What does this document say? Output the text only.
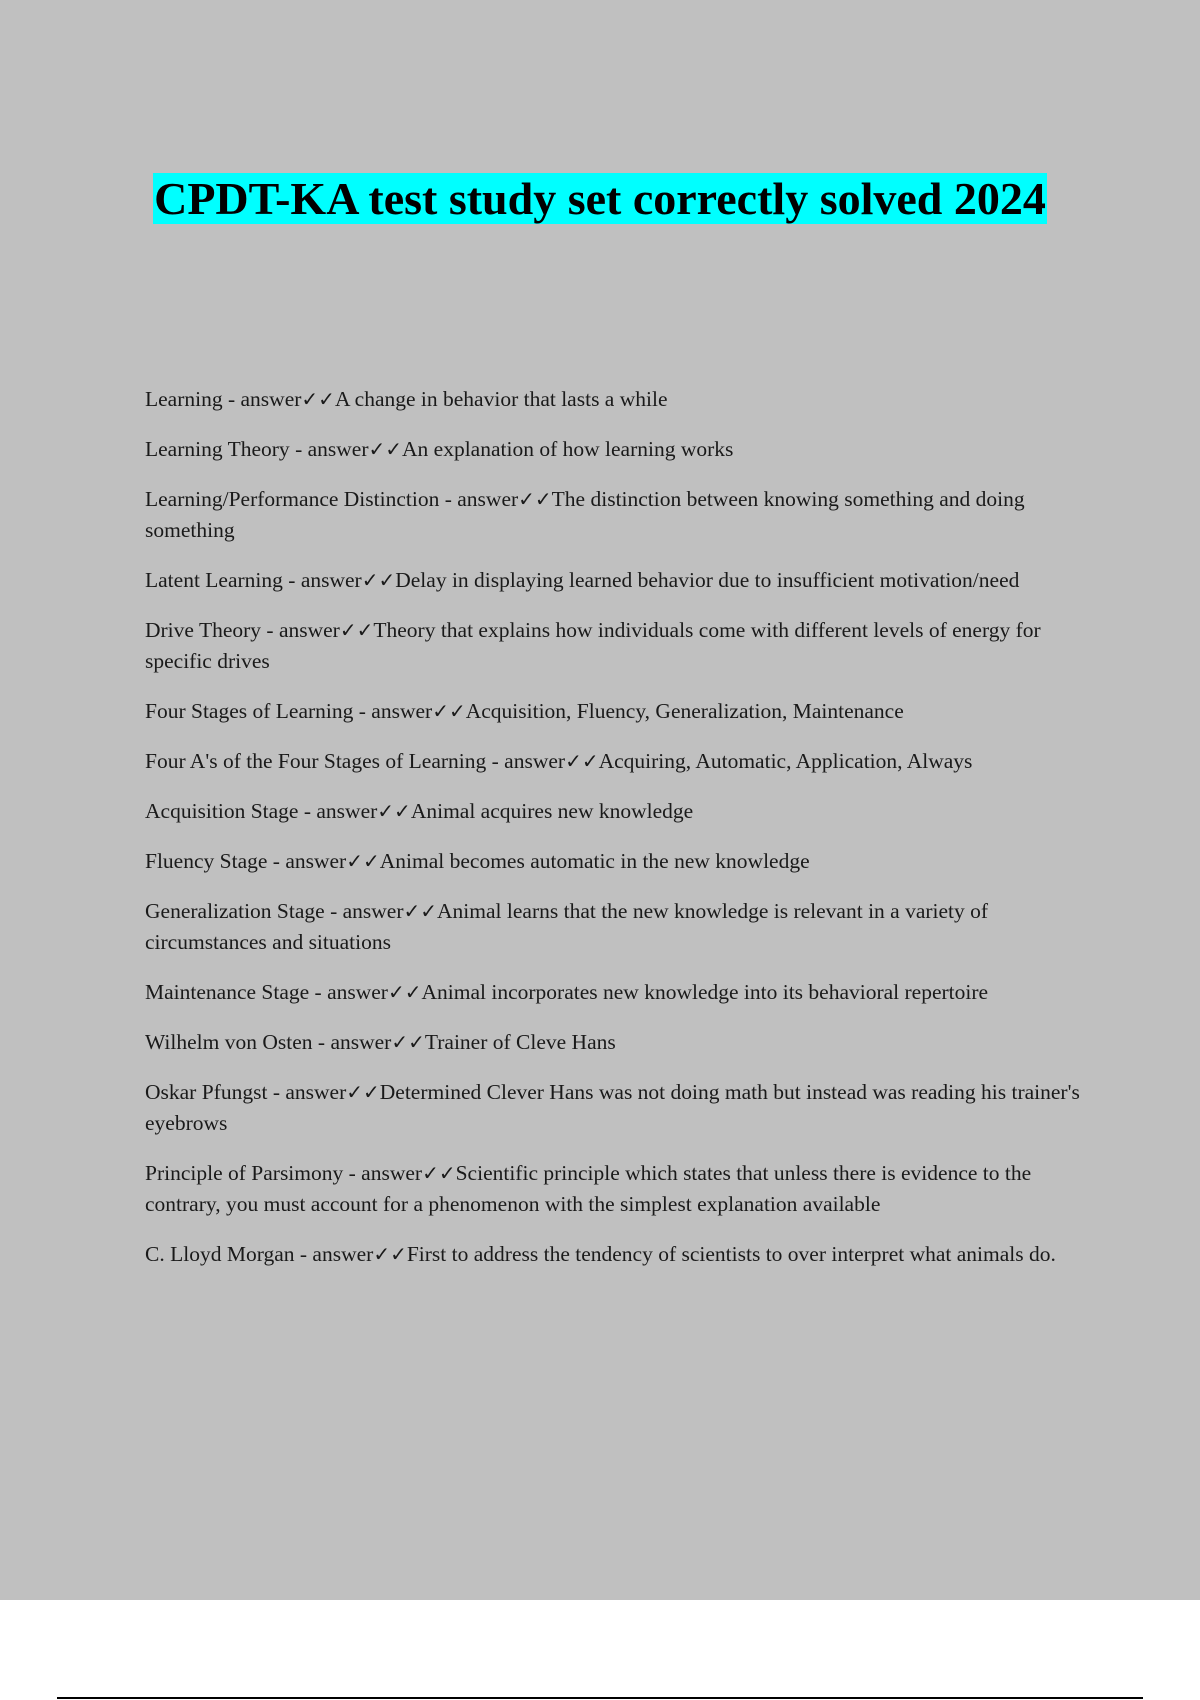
CPDT-KA test study set correctly solved 2024

Learning - answer✓✓A change in behavior that lasts a while

Learning Theory - answer✓✓An explanation of how learning works

Learning/Performance Distinction - answer✓✓The distinction between knowing something and doing something

Latent Learning - answer✓✓Delay in displaying learned behavior due to insufficient motivation/need

Drive Theory - answer✓✓Theory that explains how individuals come with different levels of energy for specific drives

Four Stages of Learning - answer✓✓Acquisition, Fluency, Generalization, Maintenance

Four A's of the Four Stages of Learning - answer✓✓Acquiring, Automatic, Application, Always

Acquisition Stage - answer✓✓Animal acquires new knowledge

Fluency Stage - answer✓✓Animal becomes automatic in the new knowledge

Generalization Stage - answer✓✓Animal learns that the new knowledge is relevant in a variety of circumstances and situations

Maintenance Stage - answer✓✓Animal incorporates new knowledge into its behavioral repertoire

Wilhelm von Osten - answer✓✓Trainer of Cleve Hans

Oskar Pfungst - answer✓✓Determined Clever Hans was not doing math but instead was reading his trainer's eyebrows

Principle of Parsimony - answer✓✓Scientific principle which states that unless there is evidence to the contrary, you must account for a phenomenon with the simplest explanation available

C. Lloyd Morgan - answer✓✓First to address the tendency of scientists to over interpret what animals do.
